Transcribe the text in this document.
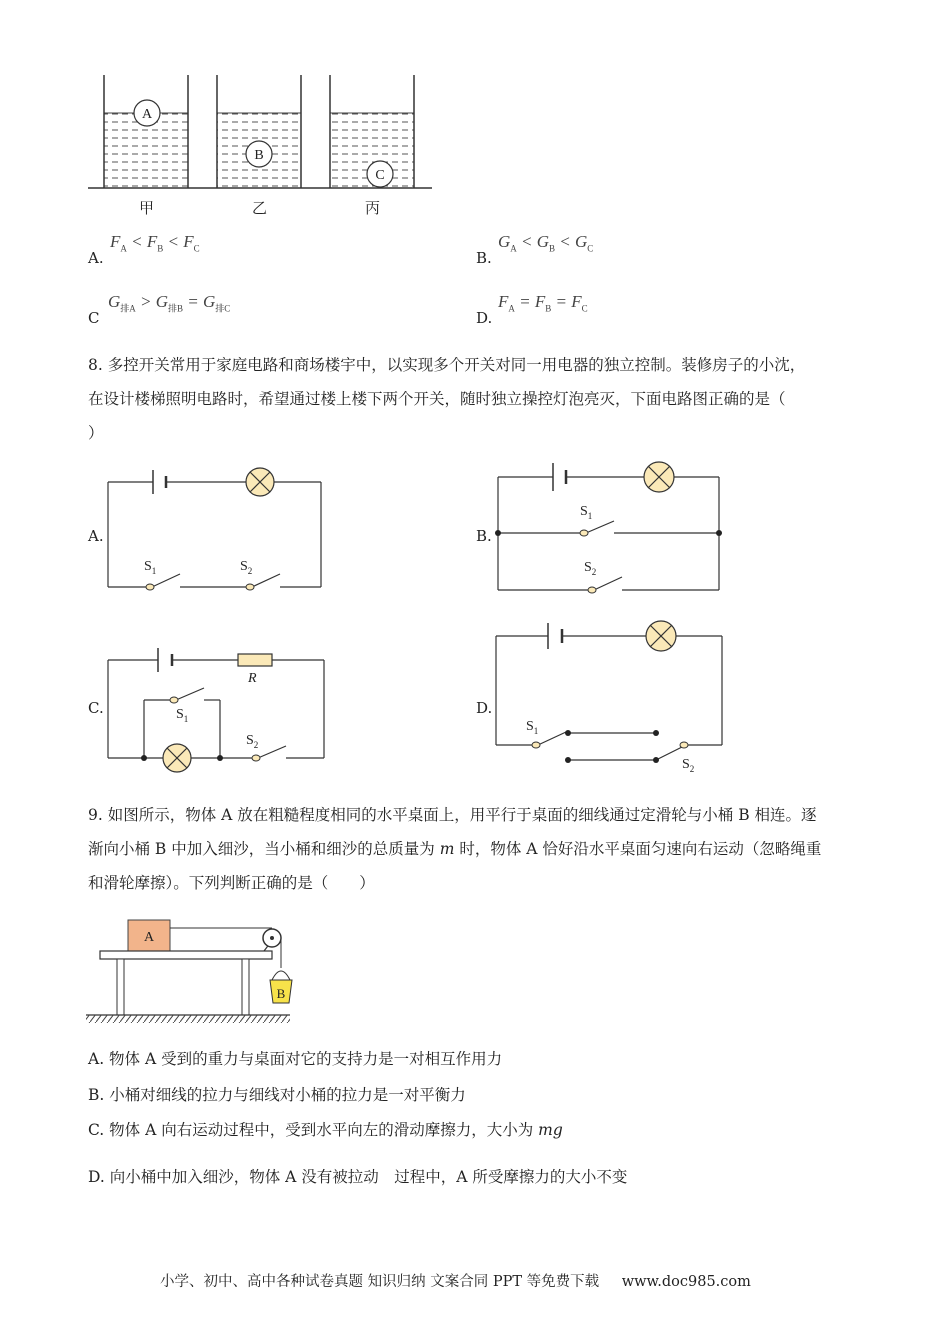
A
B
C
甲	乙	丙
A.
$F_A < F_B < F_C$
B.
$G_A < G_B < G_C$
C
$G_{排A} > G_{排B} = G_{排C}$
D.
$F_A = F_B = F_C$
8. 多控开关常用于家庭电路和商场楼宇中，以实现多个开关对同一用电器的独立控制。装修房子的小沈，
在设计楼梯照明电路时，希望通过楼上楼下两个开关，随时独立操控灯泡亮灭，下面电路图正确的是（
）
A.
$S_1$	$S_2$
B.
$S_1$
$S_2$
C.
R
$S_1$
$S_2$
D.
$S_1$
$S_2$
9. 如图所示，物体 A 放在粗糙程度相同的水平桌面上，用平行于桌面的细线通过定滑轮与小桶 B 相连。逐
渐向小桶 B 中加入细沙，当小桶和细沙的总质量为 m 时，物体 A 恰好沿水平桌面匀速向右运动（忽略绳重
和滑轮摩擦）。下列判断正确的是（　　）
A
B
A. 物体 A 受到的重力与桌面对它的支持力是一对相互作用力
B. 小桶对细线的拉力与细线对小桶的拉力是一对平衡力
C. 物体 A 向右运动过程中，受到水平向左的滑动摩擦力，大小为 mg
D. 向小桶中加入细沙，物体 A 没有被拉动　过程中，A 所受摩擦力的大小不变
小学、初中、高中各种试卷真题 知识归纳 文案合同 PPT 等免费下载 www.doc985.com
